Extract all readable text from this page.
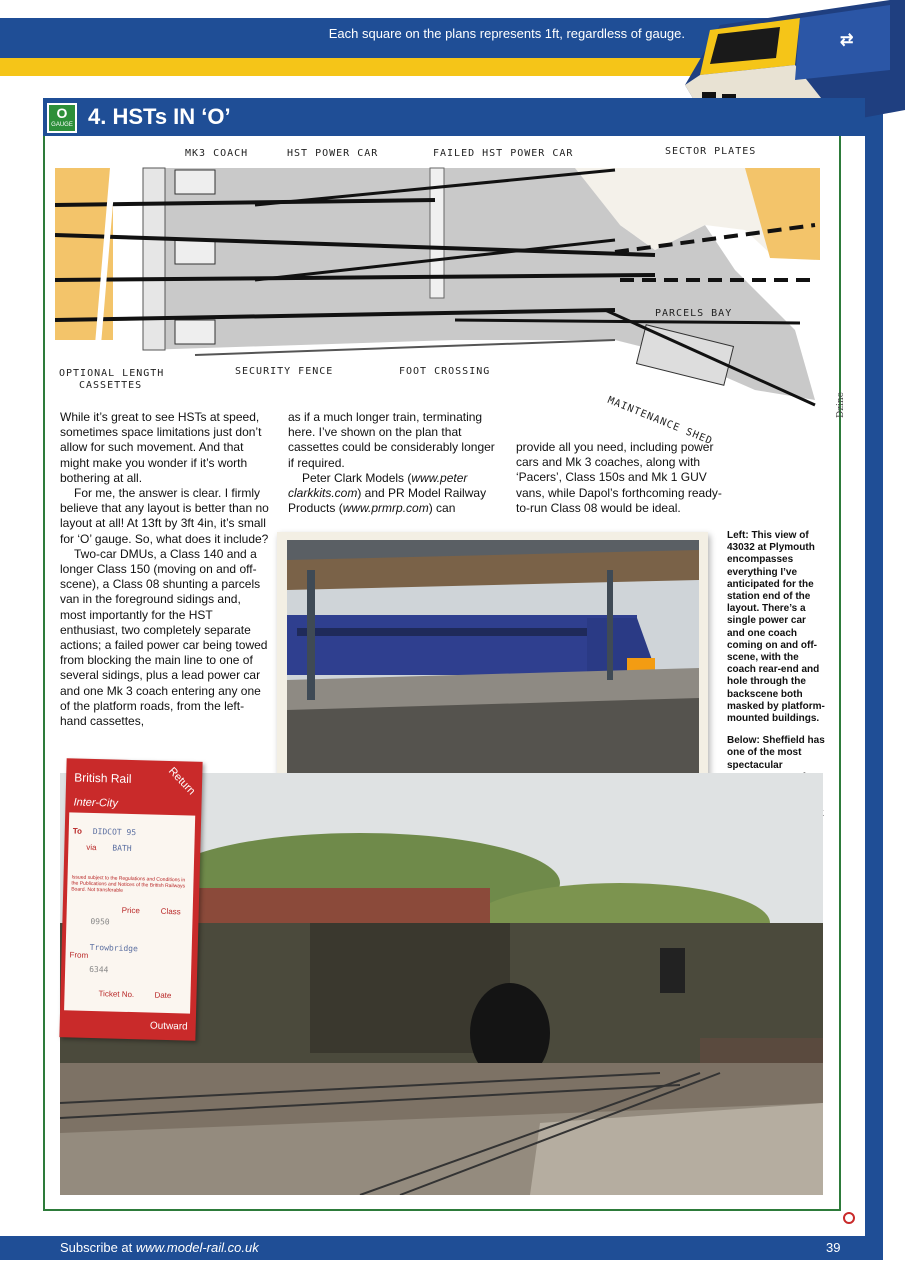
Each square on the plans represents 1ft, regardless of gauge.	⇄
O
GAUGE 4. HSTs IN ‘O’
MK3 COACH	HST POWER CAR	FAILED HST POWER CAR	SECTOR PLATES
PARCELS BAY
OPTIONAL LENGTH
CASSETTES
SECURITY FENCE	FOOT CROSSING
MAINTENANCE SHED	Dzine

While it’s great to see HSTs at speed, sometimes space limitations just don’t allow for such movement. And that might make you wonder if it’s worth bothering at all.

For me, the answer is clear. I firmly believe that any layout is better than no layout at all! At 13ft by 3ft 4in, it’s small for ‘O’ gauge. So, what does it include?

Two-car DMUs, a Class 140 and a longer Class 150 (moving on and off-scene), a Class 08 shunting a parcels van in the foreground sidings and, most importantly for the HST enthusiast, two completely separate actions; a failed power car being towed from blocking the main line to one of several sidings, plus a lead power car and one Mk 3 coach entering any one of the platform roads, from the left-hand cassettes,

as if a much longer train, terminating here. I’ve shown on the plan that cassettes could be considerably longer if required.

Peter Clark Models (www.peter clarkkits.com) and PR Model Railway Products (www.prmrp.com) can

provide all you need, including power cars and Mk 3 coaches, along with ‘Pacers’, Class 150s and Mk 1 GUV vans, while Dapol’s forthcoming ready-to-run Class 08 would be ideal.

Left: This view of 43032 at Plymouth encompasses everything I’ve anticipated for the station end of the layout. There’s a single power car and one coach coming on and off-scene, with the coach rear-end and hole through the backscene both masked by platform-mounted buildings.

Below: Sheffield has one of the most spectacular

British Rail	Return
Inter-City
To DIDCOT 95
via BATH
Issued subject to the Regulations and Conditions in the Publications and Notices of the British Railways Board. Not transferable
Price	Class
0950
From
Trowbridge
6344
Ticket No.	Date
Outward
Subscribe at www.model-rail.co.uk	39
